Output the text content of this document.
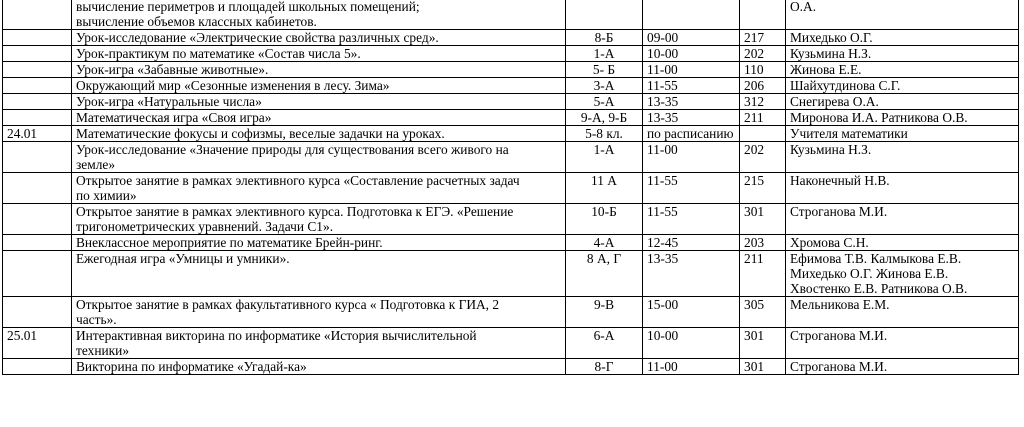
	вычисление периметров и площадей школьных помещений;
вычисление объемов классных кабинетов.				О.А.

	Урок-исследование «Электрические свойства различных сред».	8-Б	09-00	217	Михедько О.Г.

	Урок-практикум по математике «Состав числа 5».	1-А	10-00	202	Кузьмина Н.З.

	Урок-игра «Забавные животные».	5- Б	11-00	110	Жинова Е.Е.

	Окружающий мир «Сезонные изменения в лесу. Зима»	3-А	11-55	206	Шайхутдинова С.Г.

	Урок-игра «Натуральные числа»	5-А	13-35	312	Снегирева О.А.

	Математическая игра «Своя игра»	9-А, 9-Б	13-35	211	Миронова И.А. Ратникова О.В.
24.01	Математические фокусы и софизмы, веселые задачки на уроках.	5-8 кл.	по расписанию		Учителя математики

	Урок-исследование «Значение природы для существования всего живого на
земле»	1-А	11-00	202	Кузьмина Н.З.

	Открытое занятие в рамках элективного курса «Составление расчетных задач
по химии»	11 А	11-55	215	Наконечный Н.В.

	Открытое занятие в рамках элективного курса. Подготовка к ЕГЭ. «Решение
тригонометрических уравнений. Задачи С1».	10-Б	11-55	301	Строганова М.И.

	Внеклассное мероприятие по математике Брейн-ринг.	4-А	12-45	203	Хромова С.Н.

	Ежегодная игра «Умницы и умники».	8 А, Г	13-35	211	Ефимова Т.В. Калмыкова Е.В.
Михедько О.Г. Жинова Е.В.
Хвостенко Е.В. Ратникова О.В.

	Открытое занятие в рамках факультативного курса « Подготовка к ГИА, 2
часть».	9-В	15-00	305	Мельникова Е.М.
25.01	Интерактивная викторина по информатике «История вычислительной
техники»	6-А	10-00	301	Строганова М.И.

	Викторина по информатике «Угадай-ка»	8-Г	11-00	301	Строганова М.И.
